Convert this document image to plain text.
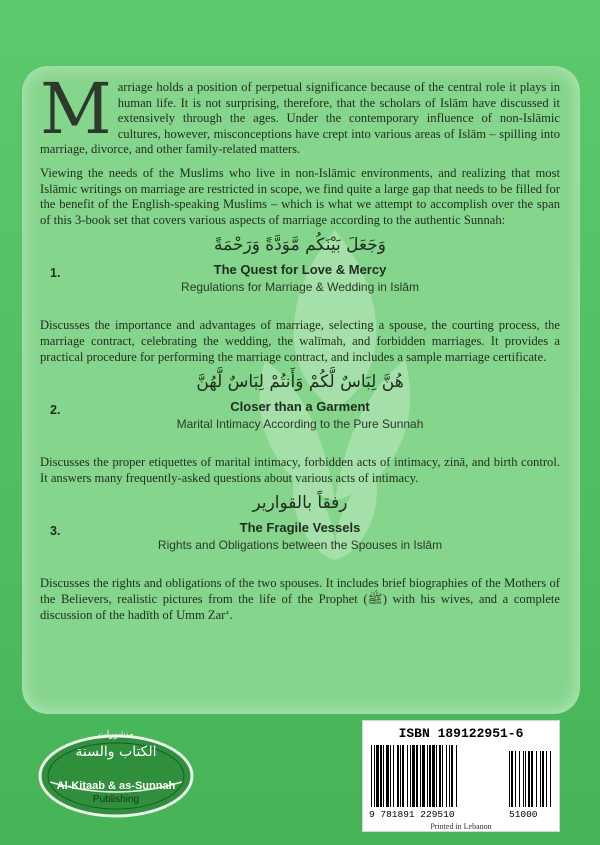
Marriage holds a position of perpetual significance because of the central role it plays in human life. It is not surprising, therefore, that the scholars of Islām have discussed it extensively through the ages. Under the contemporary influence of non-Islāmic cultures, however, misconceptions have crept into various areas of Islām – spilling into marriage, divorce, and other family-related matters.
Viewing the needs of the Muslims who live in non-Islāmic environments, and realizing that most Islāmic writings on marriage are restricted in scope, we find quite a large gap that needs to be filled for the benefit of the English-speaking Muslims – which is what we attempt to accomplish over the span of this 3-book set that covers various aspects of marriage according to the authentic Sunnah:
وَجَعَلَ بَيْنَكُم مَّوَدَّةً وَرَحْمَةً
1.	The Quest for Love & Mercy
Regulations for Marriage & Wedding in Islām
Discusses the importance and advantages of marriage, selecting a spouse, the courting process, the marriage contract, celebrating the wedding, the walīmah, and forbidden marriages. It provides a practical procedure for performing the marriage contract, and includes a sample marriage certificate.
هُنَّ لِبَاسٌ لَّكُمْ وَأَنتُمْ لِبَاسٌ لَّهُنَّ
2.	Closer than a Garment
Marital Intimacy According to the Pure Sunnah
Discusses the proper etiquettes of marital intimacy, forbidden acts of intimacy, zinā, and birth control. It answers many frequently-asked questions about various acts of intimacy.
رفقاً بالقوارير
3.	The Fragile Vessels
Rights and Obligations between the Spouses in Islām
Discusses the rights and obligations of the two spouses. It includes brief biographies of the Mothers of the Believers, realistic pictures from the life of the Prophet (ﷺ) with his wives, and a complete discussion of the hadīth of Umm Zar‘.
منشورات
الكتاب والسنة
Al-Kitaab & as-Sunnah
Publishing
ISBN 189122951-6
9 781891 229510	51000
Printed in Lebanon
